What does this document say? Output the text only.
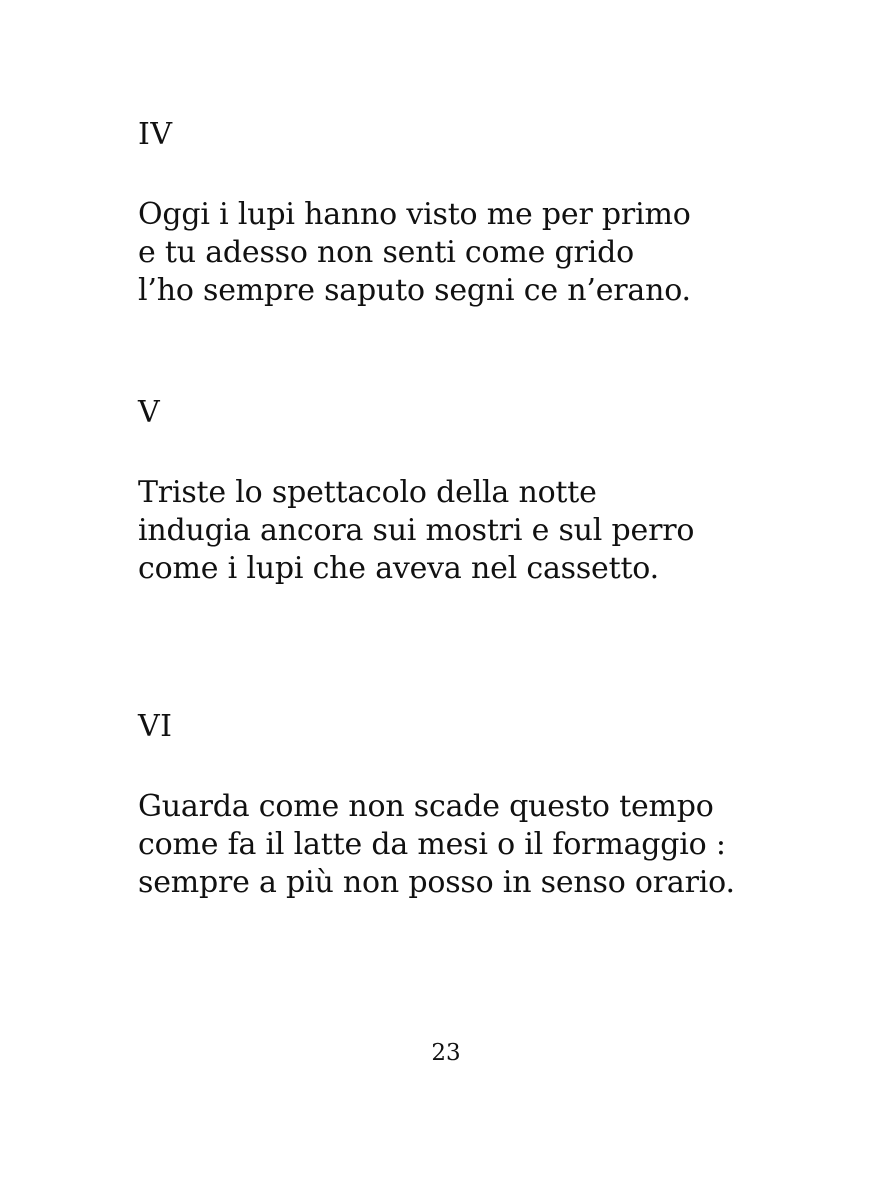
IV
Oggi i lupi hanno visto me per primo
e tu adesso non senti come grido
l’ho sempre saputo segni ce n’erano.
V
Triste lo spettacolo della notte
indugia ancora sui mostri e sul perro
come i lupi che aveva nel cassetto.
VI
Guarda come non scade questo tempo
come fa il latte da mesi o il formaggio :
sempre a più non posso in senso orario.
23
